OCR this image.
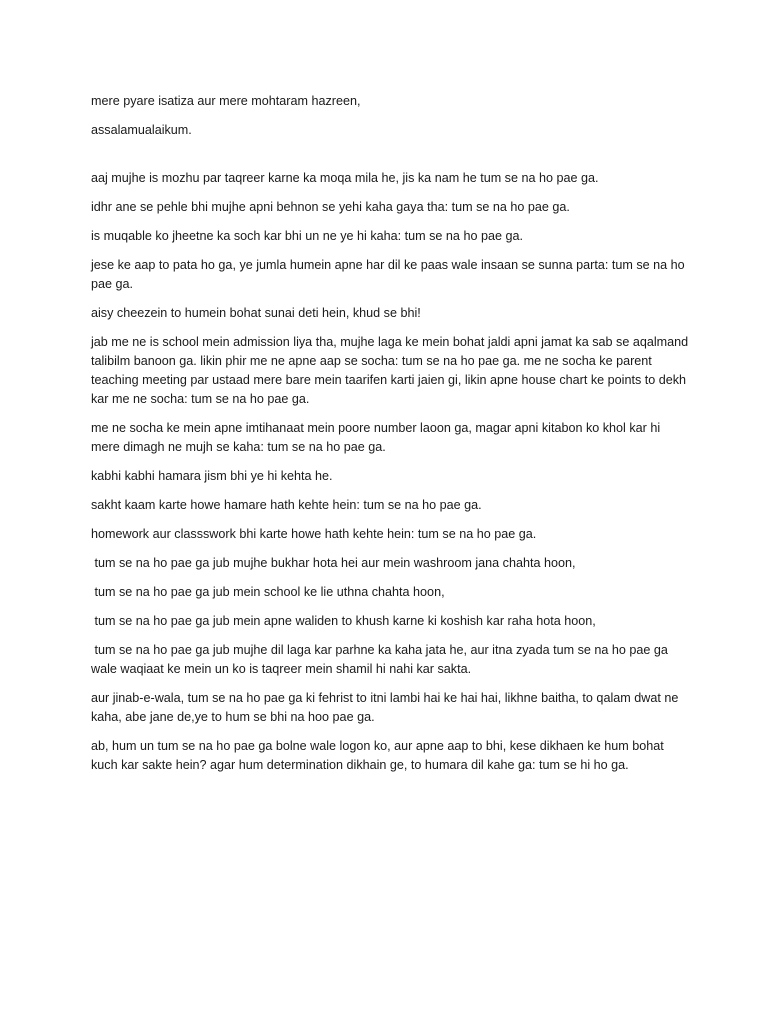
mere pyare isatiza aur mere mohtaram hazreen,

assalamualaikum.

aaj mujhe is mozhu par taqreer karne ka moqa mila he, jis ka nam he tum se na ho pae ga.

idhr ane se pehle bhi mujhe apni behnon se yehi kaha gaya tha: tum se na ho pae ga.

is muqable ko jheetne ka soch kar bhi un ne ye hi kaha: tum se na ho pae ga.

jese ke aap to pata ho ga, ye jumla humein apne har dil ke paas wale insaan se sunna parta: tum se na ho pae ga.

aisy cheezein to humein bohat sunai deti hein, khud se bhi!

jab me ne is school mein admission liya tha, mujhe laga ke mein bohat jaldi apni jamat ka sab se aqalmand talibilm banoon ga. likin phir me ne apne aap se socha: tum se na ho pae ga. me ne socha ke parent teaching meeting par ustaad mere bare mein taarifen karti jaien gi, likin apne house chart ke points to dekh kar me ne socha: tum se na ho pae ga.

me ne socha ke mein apne imtihanaat mein poore number laoon ga, magar apni kitabon ko khol kar hi mere dimagh ne mujh se kaha: tum se na ho pae ga.

kabhi kabhi hamara jism bhi ye hi kehta he.

sakht kaam karte howe hamare hath kehte hein: tum se na ho pae ga.

homework aur classswork bhi karte howe hath kehte hein: tum se na ho pae ga.

tum se na ho pae ga jub mujhe bukhar hota hei aur mein washroom jana chahta hoon,

tum se na ho pae ga jub mein school ke lie uthna chahta hoon,

tum se na ho pae ga jub mein apne waliden to khush karne ki koshish kar raha hota hoon,

tum se na ho pae ga jub mujhe dil laga kar parhne ka kaha jata he, aur itna zyada tum se na ho pae ga wale waqiaat ke mein un ko is taqreer mein shamil hi nahi kar sakta.

aur jinab-e-wala, tum se na ho pae ga ki fehrist to itni lambi hai ke hai hai, likhne baitha, to qalam dwat ne kaha, abe jane de,ye to hum se bhi na hoo pae ga.

ab, hum un tum se na ho pae ga bolne wale logon ko, aur apne aap to bhi, kese dikhaen ke hum bohat kuch kar sakte hein? agar hum determination dikhain ge, to humara dil kahe ga: tum se hi ho ga.
